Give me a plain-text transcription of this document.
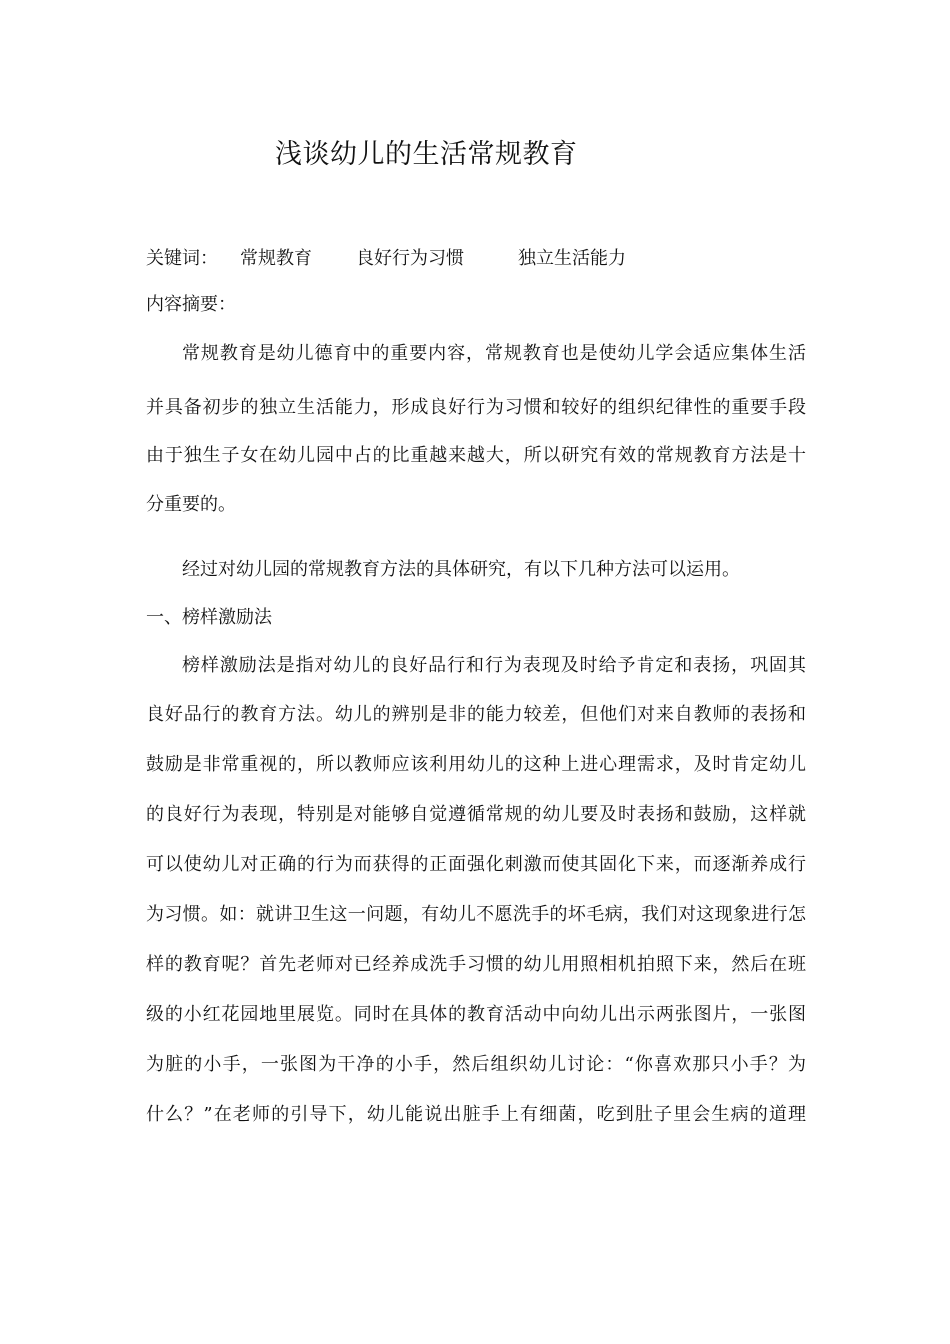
浅谈幼儿的生活常规教育
关键词： 常规教育 良好行为习惯	独立生活能力
内容摘要：
常规教育是幼儿德育中的重要内容，常规教育也是使幼儿学会适应集体生活
并具备初步的独立生活能力，形成良好行为习惯和较好的组织纪律性的重要手段
由于独生子女在幼儿园中占的比重越来越大，所以研究有效的常规教育方法是十
分重要的。
经过对幼儿园的常规教育方法的具体研究，有以下几种方法可以运用。
一、榜样激励法
榜样激励法是指对幼儿的良好品行和行为表现及时给予肯定和表扬，巩固其
良好品行的教育方法。幼儿的辨别是非的能力较差，但他们对来自教师的表扬和
鼓励是非常重视的，所以教师应该利用幼儿的这种上进心理需求，及时肯定幼儿
的良好行为表现，特别是对能够自觉遵循常规的幼儿要及时表扬和鼓励，这样就
可以使幼儿对正确的行为而获得的正面强化刺激而使其固化下来，而逐渐养成行
为习惯。如：就讲卫生这一问题，有幼儿不愿洗手的坏毛病，我们对这现象进行怎
样的教育呢？首先老师对已经养成洗手习惯的幼儿用照相机拍照下来，然后在班
级的小红花园地里展览。同时在具体的教育活动中向幼儿出示两张图片，一张图
为脏的小手，一张图为干净的小手，然后组织幼儿讨论：“你喜欢那只小手？为
什么？”在老师的引导下，幼儿能说出脏手上有细菌，吃到肚子里会生病的道理
